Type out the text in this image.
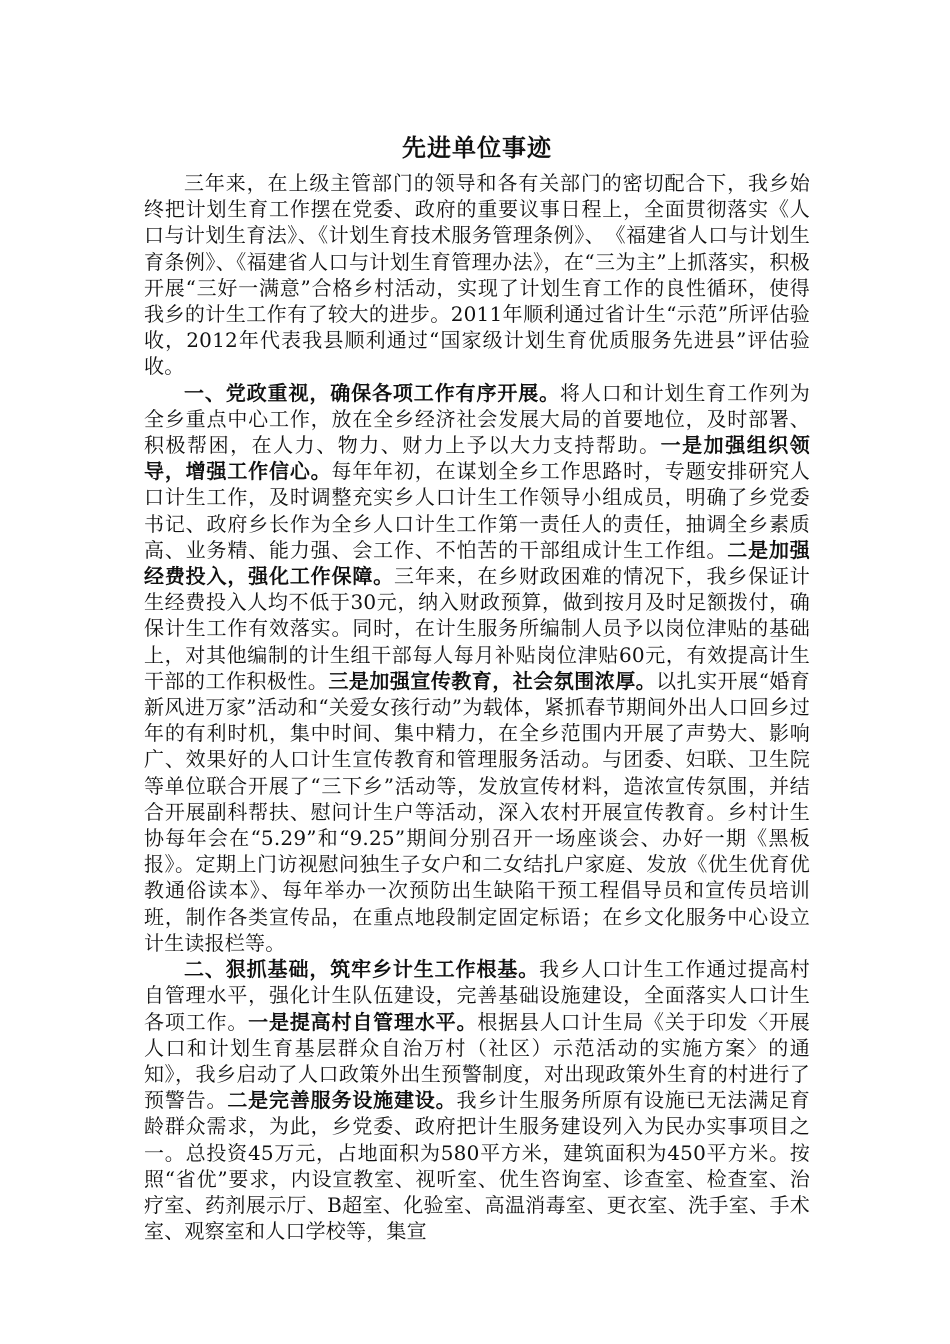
先进单位事迹

三年来，在上级主管部门的领导和各有关部门的密切配合下，我乡始终把计划生育工作摆在党委、政府的重要议事日程上，全面贯彻落实《人口与计划生育法》、《计划生育技术服务管理条例》、　《福建省人口与计划生育条例》、《福建省人口与计划生育管理办法》，在“三为主”上抓落实，积极开展“三好一满意”合格乡村活动，实现了计划生育工作的良性循环，使得我乡的计生工作有了较大的进步。2011年顺利通过省计生“示范”所评估验收，2012年代表我县顺利通过“国家级计划生育优质服务先进县”评估验收。

一、党政重视，确保各项工作有序开展。将人口和计划生育工作列为全乡重点中心工作，放在全乡经济社会发展大局的首要地位，及时部署、积极帮困，在人力、物力、财力上予以大力支持帮助。一是加强组织领导，增强工作信心。每年年初，在谋划全乡工作思路时，专题安排研究人口计生工作，及时调整充实乡人口计生工作领导小组成员，明确了乡党委书记、政府乡长作为全乡人口计生工作第一责任人的责任，抽调全乡素质高、业务精、能力强、会工作、不怕苦的干部组成计生工作组。二是加强经费投入，强化工作保障。三年来，在乡财政困难的情况下，我乡保证计生经费投入人均不低于30元，纳入财政预算，做到按月及时足额拨付，确保计生工作有效落实。同时，在计生服务所编制人员予以岗位津贴的基础上，对其他编制的计生组干部每人每月补贴岗位津贴60元，有效提高计生干部的工作积极性。三是加强宣传教育，社会氛围浓厚。以扎实开展“婚育新风进万家”活动和“关爱女孩行动”为载体，紧抓春节期间外出人口回乡过年的有利时机，集中时间、集中精力，在全乡范围内开展了声势大、影响广、效果好的人口计生宣传教育和管理服务活动。与团委、妇联、卫生院等单位联合开展了“三下乡”活动等，发放宣传材料，造浓宣传氛围，并结合开展副科帮扶、慰问计生户等活动，深入农村开展宣传教育。乡村计生协每年会在“5.29”和“9.25”期间分别召开一场座谈会、办好一期《黑板报》。定期上门访视慰问独生子女户和二女结扎户家庭、发放《优生优育优教通俗读本》、每年举办一次预防出生缺陷干预工程倡导员和宣传员培训班，制作各类宣传品，在重点地段制定固定标语；在乡文化服务中心设立计生读报栏等。

二、狠抓基础，筑牢乡计生工作根基。我乡人口计生工作通过提高村自管理水平，强化计生队伍建设，完善基础设施建设，全面落实人口计生各项工作。一是提高村自管理水平。根据县人口计生局《关于印发〈开展人口和计划生育基层群众自治万村（社区）示范活动的实施方案〉的通知》，我乡启动了人口政策外出生预警制度，对出现政策外生育的村进行了预警告。二是完善服务设施建设。我乡计生服务所原有设施已无法满足育龄群众需求，为此，乡党委、政府把计生服务建设列入为民办实事项目之一。总投资45万元，占地面积为580平方米，建筑面积为450平方米。按照“省优”要求，内设宣教室、视听室、优生咨询室、诊查室、检查室、治疗室、药剂展示厅、B超室、化验室、高温消毒室、更衣室、洗手室、手术室、观察室和人口学校等，集宣
